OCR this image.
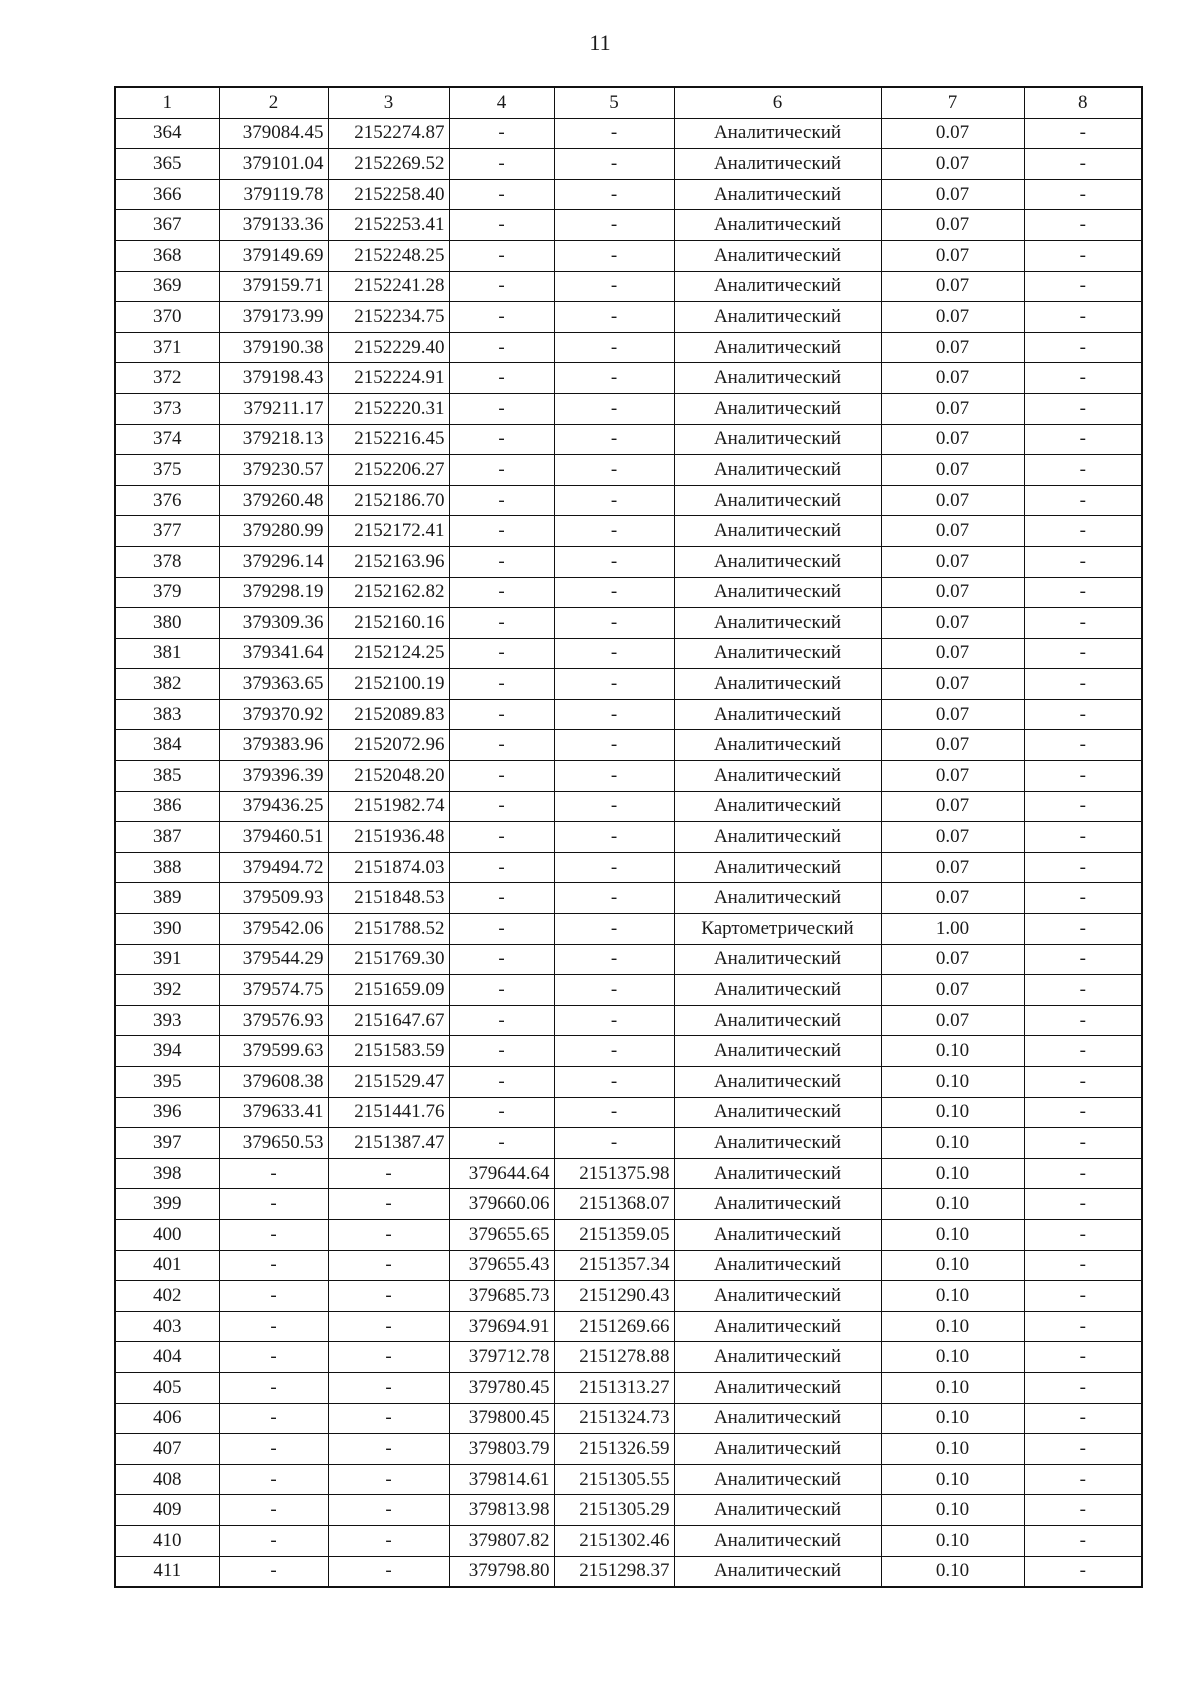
11
1	2	3	4	5	6	7	8
364	379084.45	2152274.87	-	-	Аналитический	0.07	-
365	379101.04	2152269.52	-	-	Аналитический	0.07	-
366	379119.78	2152258.40	-	-	Аналитический	0.07	-
367	379133.36	2152253.41	-	-	Аналитический	0.07	-
368	379149.69	2152248.25	-	-	Аналитический	0.07	-
369	379159.71	2152241.28	-	-	Аналитический	0.07	-
370	379173.99	2152234.75	-	-	Аналитический	0.07	-
371	379190.38	2152229.40	-	-	Аналитический	0.07	-
372	379198.43	2152224.91	-	-	Аналитический	0.07	-
373	379211.17	2152220.31	-	-	Аналитический	0.07	-
374	379218.13	2152216.45	-	-	Аналитический	0.07	-
375	379230.57	2152206.27	-	-	Аналитический	0.07	-
376	379260.48	2152186.70	-	-	Аналитический	0.07	-
377	379280.99	2152172.41	-	-	Аналитический	0.07	-
378	379296.14	2152163.96	-	-	Аналитический	0.07	-
379	379298.19	2152162.82	-	-	Аналитический	0.07	-
380	379309.36	2152160.16	-	-	Аналитический	0.07	-
381	379341.64	2152124.25	-	-	Аналитический	0.07	-
382	379363.65	2152100.19	-	-	Аналитический	0.07	-
383	379370.92	2152089.83	-	-	Аналитический	0.07	-
384	379383.96	2152072.96	-	-	Аналитический	0.07	-
385	379396.39	2152048.20	-	-	Аналитический	0.07	-
386	379436.25	2151982.74	-	-	Аналитический	0.07	-
387	379460.51	2151936.48	-	-	Аналитический	0.07	-
388	379494.72	2151874.03	-	-	Аналитический	0.07	-
389	379509.93	2151848.53	-	-	Аналитический	0.07	-
390	379542.06	2151788.52	-	-	Картометрический	1.00	-
391	379544.29	2151769.30	-	-	Аналитический	0.07	-
392	379574.75	2151659.09	-	-	Аналитический	0.07	-
393	379576.93	2151647.67	-	-	Аналитический	0.07	-
394	379599.63	2151583.59	-	-	Аналитический	0.10	-
395	379608.38	2151529.47	-	-	Аналитический	0.10	-
396	379633.41	2151441.76	-	-	Аналитический	0.10	-
397	379650.53	2151387.47	-	-	Аналитический	0.10	-
398	-	-	379644.64	2151375.98	Аналитический	0.10	-
399	-	-	379660.06	2151368.07	Аналитический	0.10	-
400	-	-	379655.65	2151359.05	Аналитический	0.10	-
401	-	-	379655.43	2151357.34	Аналитический	0.10	-
402	-	-	379685.73	2151290.43	Аналитический	0.10	-
403	-	-	379694.91	2151269.66	Аналитический	0.10	-
404	-	-	379712.78	2151278.88	Аналитический	0.10	-
405	-	-	379780.45	2151313.27	Аналитический	0.10	-
406	-	-	379800.45	2151324.73	Аналитический	0.10	-
407	-	-	379803.79	2151326.59	Аналитический	0.10	-
408	-	-	379814.61	2151305.55	Аналитический	0.10	-
409	-	-	379813.98	2151305.29	Аналитический	0.10	-
410	-	-	379807.82	2151302.46	Аналитический	0.10	-
411	-	-	379798.80	2151298.37	Аналитический	0.10	-
